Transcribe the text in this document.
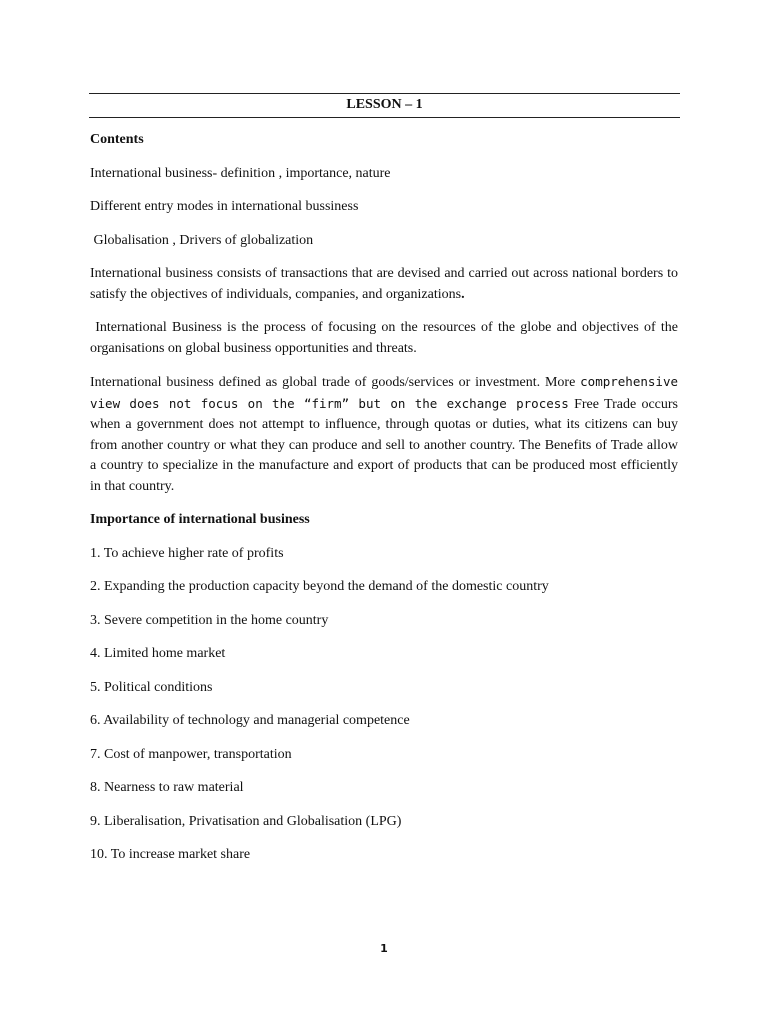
LESSON – 1

Contents

International business- definition , importance, nature

Different entry modes in international bussiness

Globalisation , Drivers of globalization

International business consists of transactions that are devised and carried out across national borders to satisfy the objectives of individuals, companies, and organizations.

International Business is the process of focusing on the resources of the globe and objectives of the organisations on global business opportunities and threats.

International business defined as global trade of goods/services or investment. More comprehensive view does not focus on the “firm” but on the exchange process Free Trade occurs when a government does not attempt to influence, through quotas or duties, what its citizens can buy from another country or what they can produce and sell to another country. The Benefits of Trade allow a country to specialize in the manufacture and export of products that can be produced most efficiently in that country.

Importance of international business

1. To achieve higher rate of profits

2. Expanding the production capacity beyond the demand of the domestic country

3. Severe competition in the home country

4. Limited home market

5. Political conditions

6. Availability of technology and managerial competence

7. Cost of manpower, transportation

8. Nearness to raw material

9. Liberalisation, Privatisation and Globalisation (LPG)

10. To increase market share

1
